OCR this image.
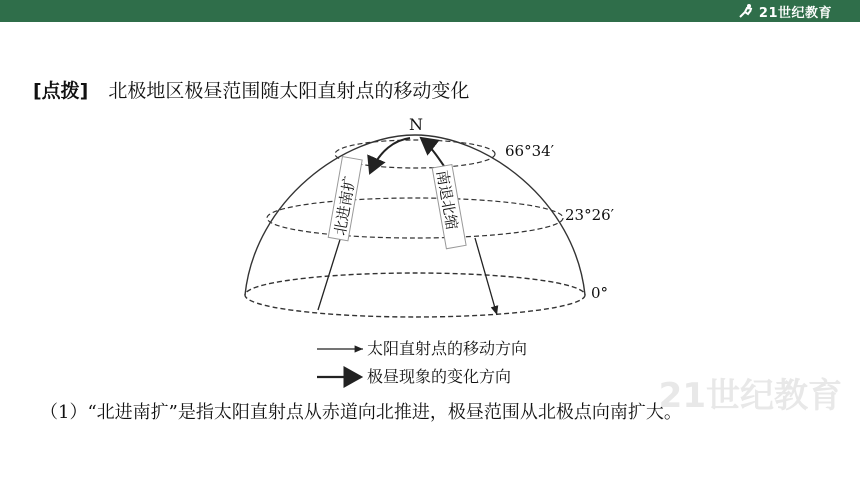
21世纪教育
[点拨] 北极地区极昼范围随太阳直射点的移动变化
N
66°34′
23°26′
0°
北进南扩	南退北缩
太阳直射点的移动方向
极昼现象的变化方向	21世纪教育
（1）“北进南扩”是指太阳直射点从赤道向北推进，极昼范围从北极点向南扩大。
